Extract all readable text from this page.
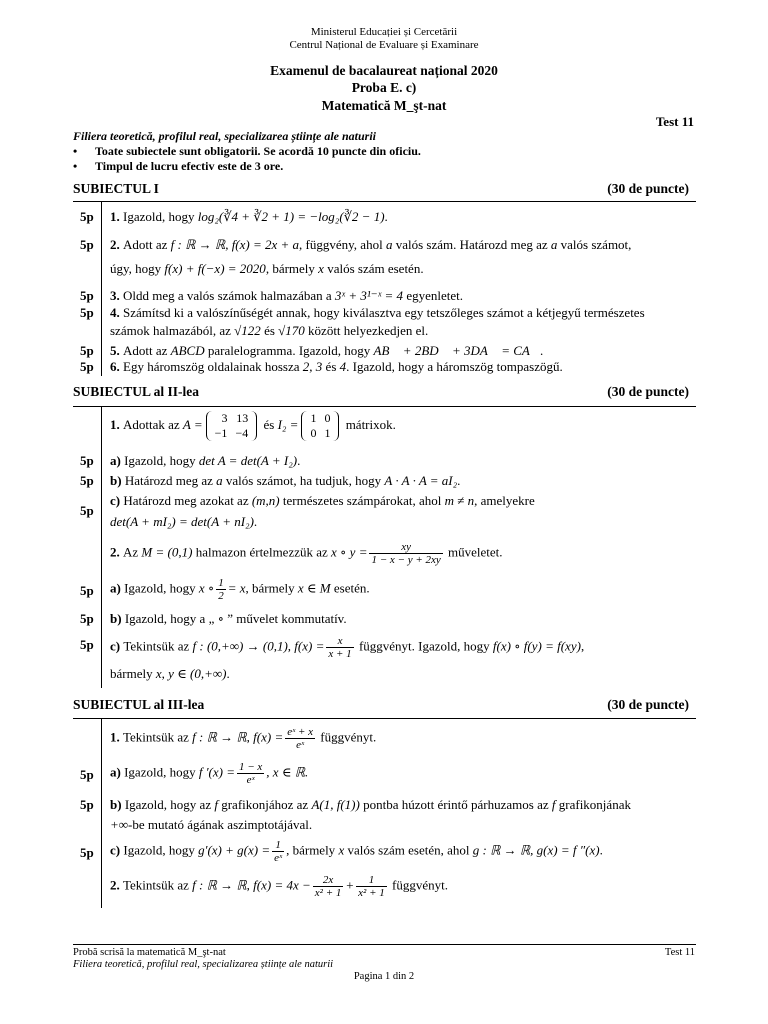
Ministerul Educației și Cercetării
Centrul Național de Evaluare și Examinare
Examenul de bacalaureat național 2020
Proba E. c)
Matematică M_şt-nat
Test 11
Filiera teoretică, profilul real, specializarea științe ale naturii
• Toate subiectele sunt obligatorii. Se acordă 10 puncte din oficiu.
• Timpul de lucru efectiv este de 3 ore.
SUBIECTUL I	(30 de puncte)
5p 1. Igazold, hogy log₂(∛4 + ∛2 + 1) = −log₂(∛2 − 1).
5p 2. Adott az f : ℝ → ℝ, f(x) = 2x + a, függvény, ahol a valós szám. Határozd meg az a valós számot,
úgy, hogy f(x) + f(−x) = 2020, bármely x valós szám esetén.
5p 3. Oldd meg a valós számok halmazában a 3ˣ + 3¹⁻ˣ = 4 egyenletet.
5p 4. Számítsd ki a valószínűségét annak, hogy kiválasztva egy tetszőleges számot a kétjegyű természetes
számok halmazából, az √122 és √170 között helyezkedjen el.
5p 5. Adott az ABCD paralelogramma. Igazold, hogy AB⃗ + 2BD⃗ + 3DA⃗ = CA⃗.
5p 6. Egy háromszög oldalainak hossza 2, 3 és 4. Igazold, hogy a háromszög tompaszögű.
SUBIECTUL al II-lea	(30 de puncte)
1. Adottak az A = 3	13
−1	−4
és I₂ = 1	0
0	1
mátrixok.
5p a) Igazold, hogy det A = det(A + I₂).
5p b) Határozd meg az a valós számot, ha tudjuk, hogy A · A · A = aI₂.
5p
c) Határozd meg azokat az (m,n) természetes számpárokat, ahol m ≠ n, amelyekre
det(A + mI₂) = det(A + nI₂).
2. Az M = (0,1) halmazon értelmezzük az x ∘ $y = \frac{xy}{1 - x - y + 2xy}$ műveletet.
5p a) Igazold, hogy x ∘ $\frac{1}{2} = x$, bármely x ∈ M esetén.
5p b) Igazold, hogy a „ ∘ ” művelet kommutatív.
5p c) Tekintsük az f : (0,+∞) → (0,1), $f(x) = \frac{x}{x + 1}$ függvényt. Igazold, hogy f(x) ∘ f(y) = f(xy),
bármely x, y ∈ (0,+∞).
SUBIECTUL al III-lea	(30 de puncte)
1. Tekintsük az f : ℝ → ℝ, $f(x) = \frac{\text{eˣ + x}}{\text{eˣ}}$ függvényt.
5p a) Igazold, hogy f $'(x) = \frac{1 - x}{\text{eˣ}}$ , x ∈ ℝ.
5p b) Igazold, hogy az f grafikonjához az A(1, f(1)) pontba húzott érintő párhuzamos az f grafikonjának
+∞-be mutató ágának aszimptotájával.
5p c) Igazold, hogy $g'(x) + g(x) = \frac{1}{\text{eˣ}}$ , bármely x valós szám esetén, ahol g : ℝ → ℝ, g(x) = f ″(x).
2. Tekintsük az f : ℝ → ℝ, $f(x) = 4x - \frac{2x}{\text{x² + 1}} + \frac{1}{\text{x² + 1}}$ függvényt.
Probă scrisă la matematică M_şt-nat
Filiera teoretică, profilul real, specializarea științe ale naturii
Test 11
Pagina 1 din 2
